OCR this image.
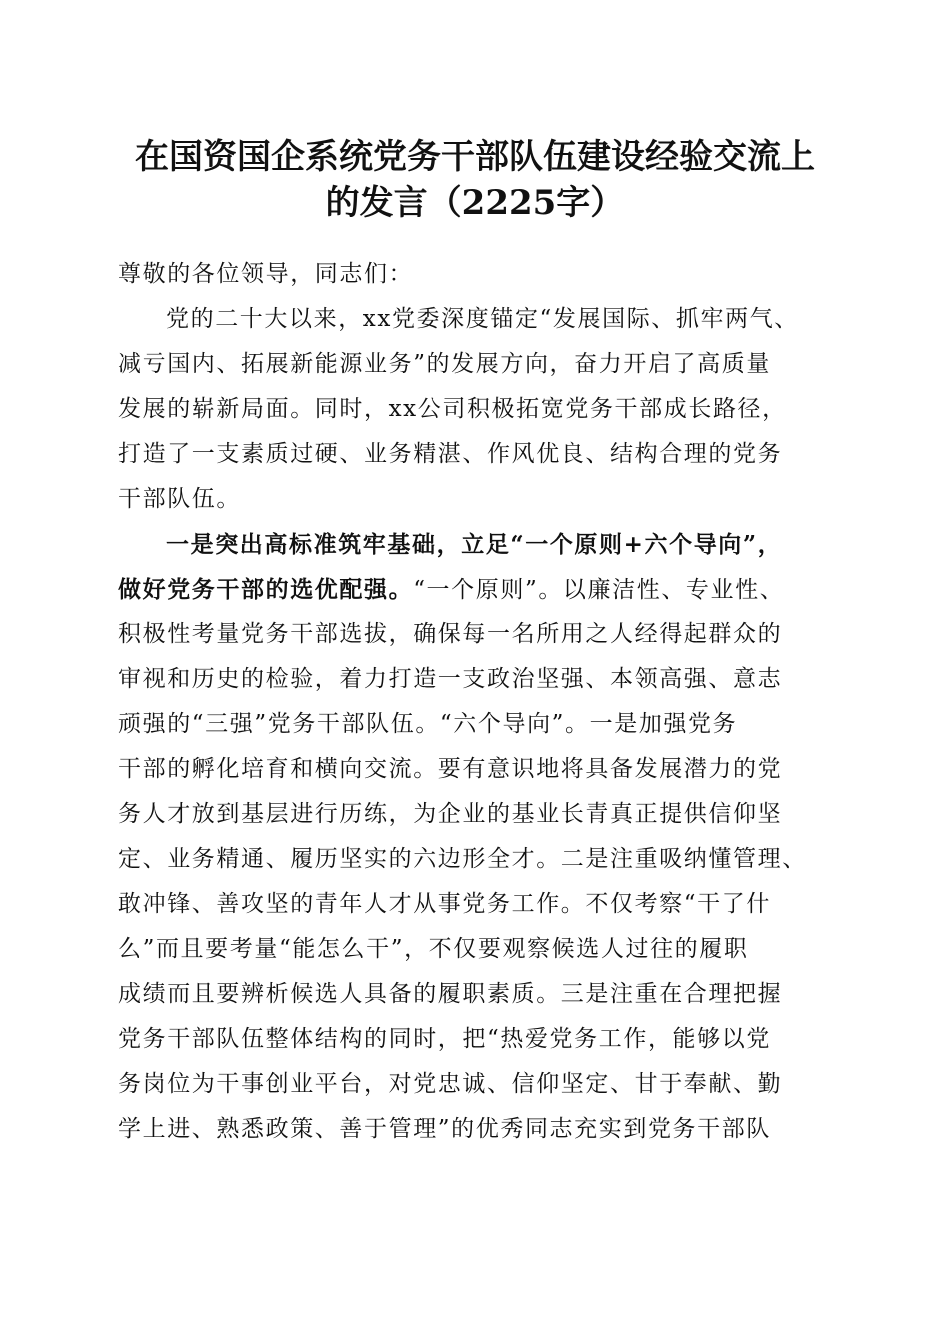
在国资国企系统党务干部队伍建设经验交流上
的发言（2225字）
尊敬的各位领导，同志们：
党的二十大以来，xx党委深度锚定“发展国际、抓牢两气、
减亏国内、拓展新能源业务”的发展方向，奋力开启了高质量
发展的崭新局面。同时，xx公司积极拓宽党务干部成长路径，
打造了一支素质过硬、业务精湛、作风优良、结构合理的党务
干部队伍。
一是突出高标准筑牢基础，立足“一个原则+六个导向”，
做好党务干部的选优配强。“一个原则”。以廉洁性、专业性、
积极性考量党务干部选拔，确保每一名所用之人经得起群众的
审视和历史的检验，着力打造一支政治坚强、本领高强、意志
顽强的“三强”党务干部队伍。“六个导向”。一是加强党务
干部的孵化培育和横向交流。要有意识地将具备发展潜力的党
务人才放到基层进行历练，为企业的基业长青真正提供信仰坚
定、业务精通、履历坚实的六边形全才。二是注重吸纳懂管理、
敢冲锋、善攻坚的青年人才从事党务工作。不仅考察“干了什
么”而且要考量“能怎么干”，不仅要观察候选人过往的履职
成绩而且要辨析候选人具备的履职素质。三是注重在合理把握
党务干部队伍整体结构的同时，把“热爱党务工作，能够以党
务岗位为干事创业平台，对党忠诚、信仰坚定、甘于奉献、勤
学上进、熟悉政策、善于管理”的优秀同志充实到党务干部队
